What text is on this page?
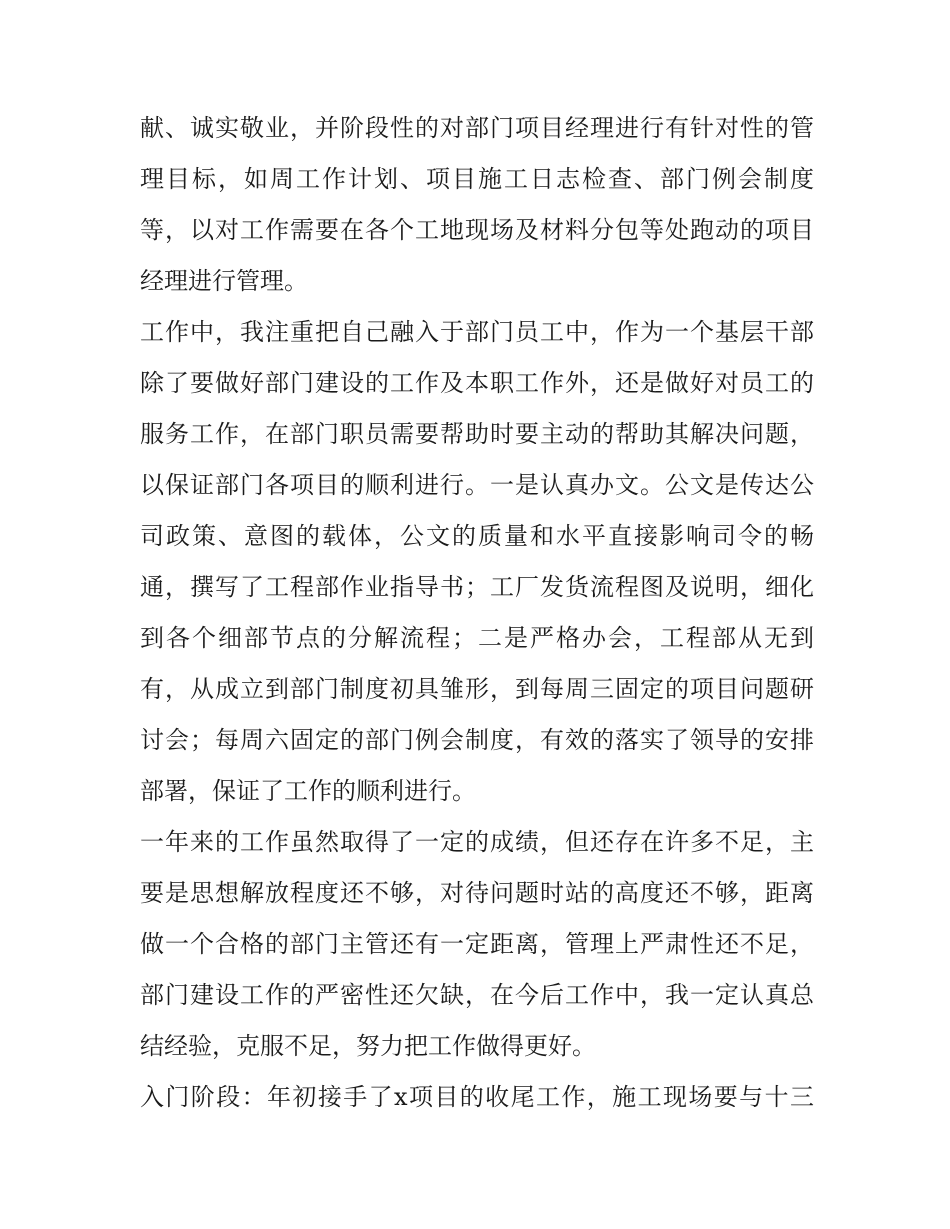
献、诚实敬业，并阶段性的对部门项目经理进行有针对性的管
理目标，如周工作计划、项目施工日志检查、部门例会制度
等，以对工作需要在各个工地现场及材料分包等处跑动的项目
经理进行管理。
工作中，我注重把自己融入于部门员工中，作为一个基层干部
除了要做好部门建设的工作及本职工作外，还是做好对员工的
服务工作，在部门职员需要帮助时要主动的帮助其解决问题，
以保证部门各项目的顺利进行。一是认真办文。公文是传达公
司政策、意图的载体，公文的质量和水平直接影响司令的畅
通，撰写了工程部作业指导书；工厂发货流程图及说明，细化
到各个细部节点的分解流程；二是严格办会，工程部从无到
有，从成立到部门制度初具雏形，到每周三固定的项目问题研
讨会；每周六固定的部门例会制度，有效的落实了领导的安排
部署，保证了工作的顺利进行。
一年来的工作虽然取得了一定的成绩，但还存在许多不足，主
要是思想解放程度还不够，对待问题时站的高度还不够，距离
做一个合格的部门主管还有一定距离，管理上严肃性还不足，
部门建设工作的严密性还欠缺，在今后工作中，我一定认真总
结经验，克服不足，努力把工作做得更好。
入门阶段：年初接手了x项目的收尾工作，施工现场要与十三
